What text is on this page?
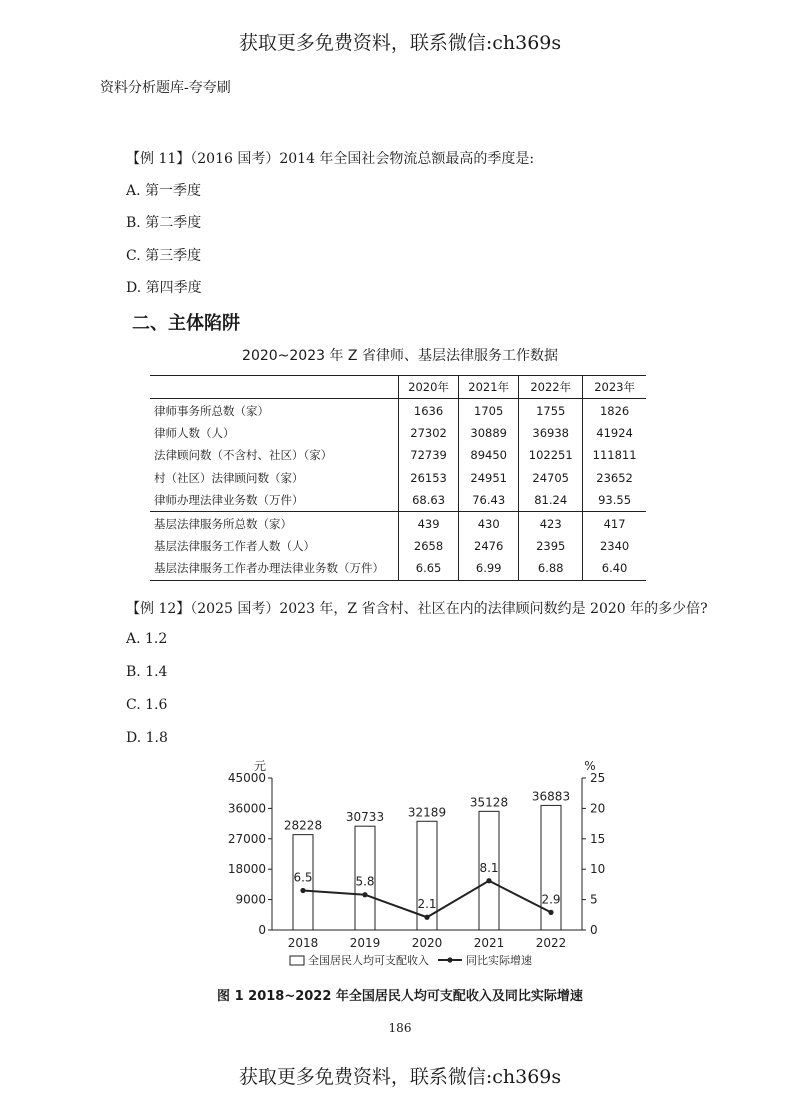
获取更多免费资料，联系微信:ch369s
资料分析题库-夸夸刷
【例 11】（2016 国考）2014 年全国社会物流总额最高的季度是:
A. 第一季度
B. 第二季度
C. 第三季度
D. 第四季度
二、主体陷阱
2020~2023 年 Z 省律师、基层法律服务工作数据
	2020年	2021年	2022年	2023年
律师事务所总数（家）	1636	1705	1755	1826
律师人数（人）	27302	30889	36938	41924
法律顾问数（不含村、社区）（家）	72739	89450	102251	111811
村（社区）法律顾问数（家）	26153	24951	24705	23652
律师办理法律业务数（万件）	68.63	76.43	81.24	93.55
基层法律服务所总数（家）	439	430	423	417
基层法律服务工作者人数（人）	2658	2476	2395	2340
基层法律服务工作者办理法律业务数（万件）	6.65	6.99	6.88	6.40
【例 12】（2025 国考）2023 年，Z 省含村、社区在内的法律顾问数约是 2020 年的多少倍?
A. 1.2
B. 1.4
C. 1.6
D. 1.8
0
9000
18000
27000
36000
45000
0
5
10
15
20
25
元	%
28228
2018
30733
2019
32189
2020
35128
2021
36883
2022
6.5	5.8
2.1
8.1
2.9
全国居民人均可支配收入	同比实际增速
图 1 2018~2022 年全国居民人均可支配收入及同比实际增速
186
获取更多免费资料，联系微信:ch369s
